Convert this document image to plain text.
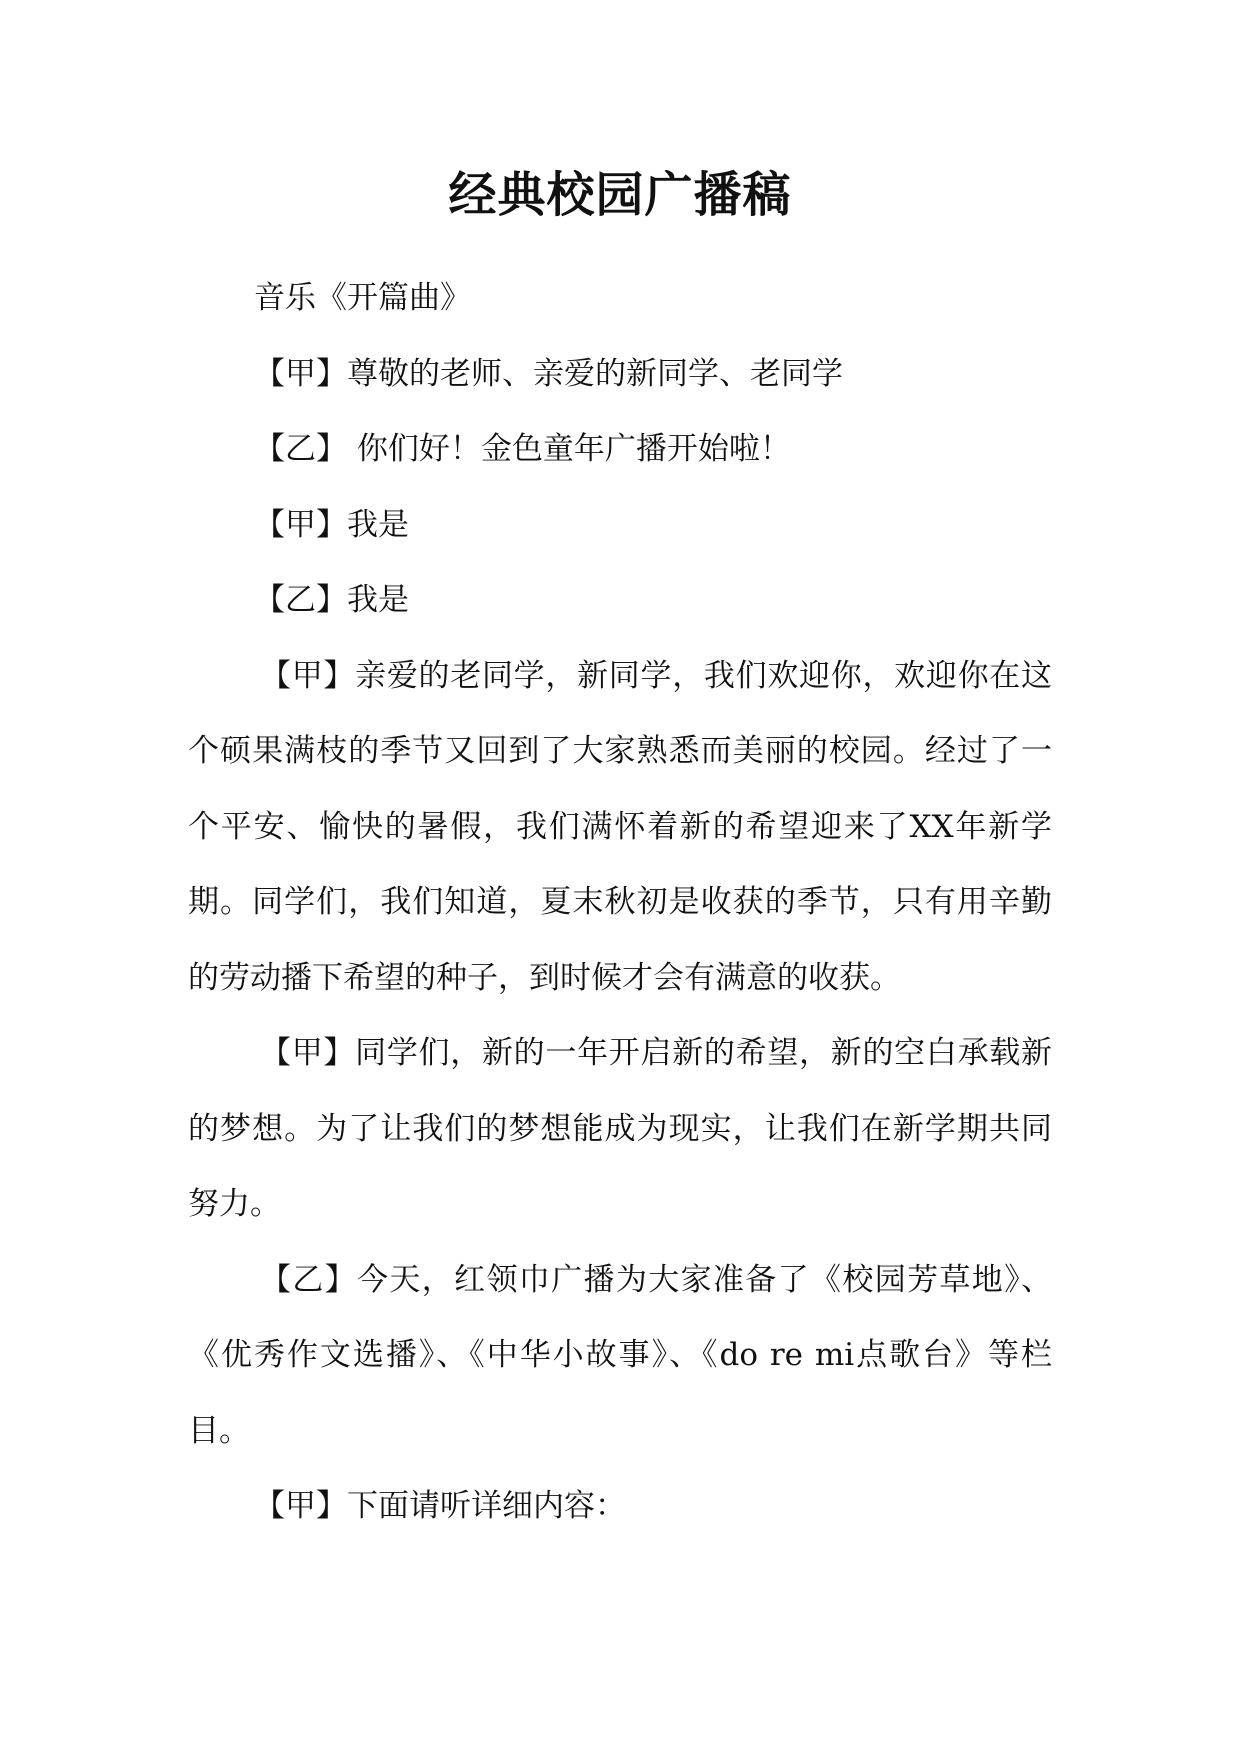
经典校园广播稿

音乐《开篇曲》

【甲】尊敬的老师、亲爱的新同学、老同学

【乙】 你们好！金色童年广播开始啦！

【甲】我是

【乙】我是

【甲】亲爱的老同学，新同学，我们欢迎你，欢迎你在这个硕果满枝的季节又回到了大家熟悉而美丽的校园。经过了一个平安、愉快的暑假，我们满怀着新的希望迎来了XX年新学期。同学们，我们知道，夏末秋初是收获的季节，只有用辛勤的劳动播下希望的种子，到时候才会有满意的收获。

【甲】同学们，新的一年开启新的希望，新的空白承载新的梦想。为了让我们的梦想能成为现实，让我们在新学期共同努力。

【乙】今天，红领巾广播为大家准备了《校园芳草地》、《优秀作文选播》、《中华小故事》、《do re mi点歌台》等栏目。

【甲】下面请听详细内容：
